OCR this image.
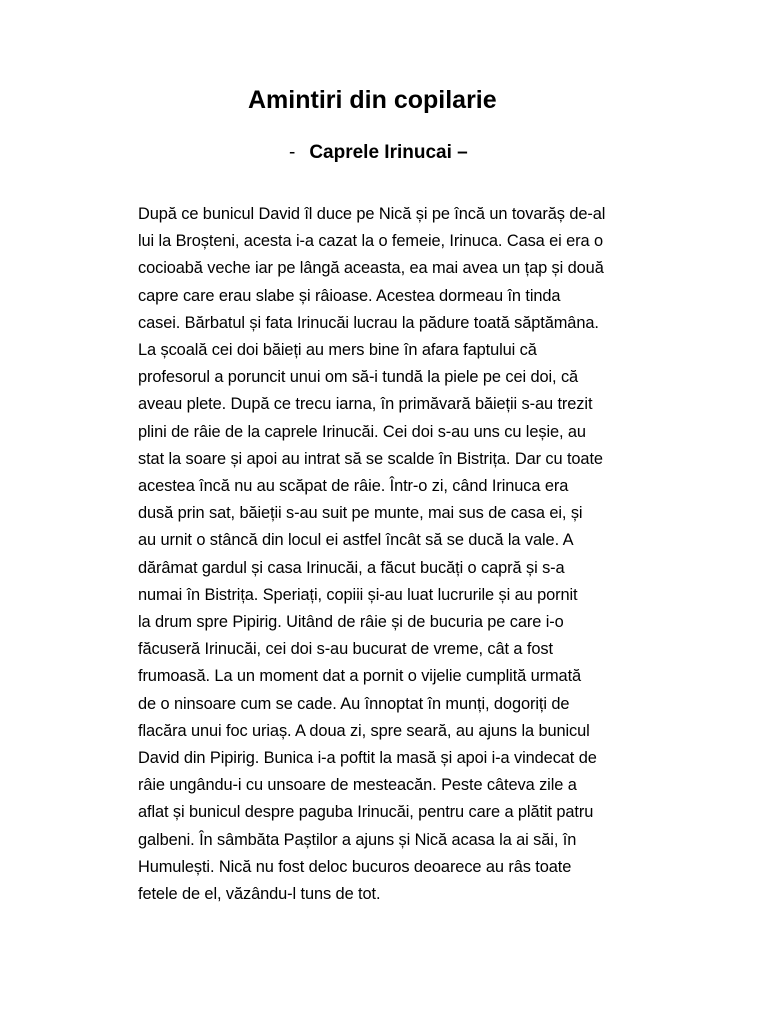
Amintiri din copilarie
- Caprele Irinucai –
După ce bunicul David îl duce pe Nică și pe încă un tovarăș de-al
lui la Broșteni, acesta i-a cazat la o femeie, Irinuca. Casa ei era o
cocioabă veche iar pe lângă aceasta, ea mai avea un țap și două
capre care erau slabe și râioase. Acestea dormeau în tinda
casei. Bărbatul și fata Irinucăi lucrau la pădure toată săptămâna.
La școală cei doi băieți au mers bine în afara faptului că
profesorul a poruncit unui om să-i tundă la piele pe cei doi, că
aveau plete. După ce trecu iarna, în primăvară băieții s-au trezit
plini de râie de la caprele Irinucăi. Cei doi s-au uns cu leșie, au
stat la soare și apoi au intrat să se scalde în Bistrița. Dar cu toate
acestea încă nu au scăpat de râie. Într-o zi, când Irinuca era
dusă prin sat, băieții s-au suit pe munte, mai sus de casa ei, și
au urnit o stâncă din locul ei astfel încât să se ducă la vale. A
dărâmat gardul și casa Irinucăi, a făcut bucăți o capră și s-a
numai în Bistrița. Speriați, copiii și-au luat lucrurile și au pornit
la drum spre Pipirig. Uitând de râie și de bucuria pe care i-o
făcuseră Irinucăi, cei doi s-au bucurat de vreme, cât a fost
frumoasă. La un moment dat a pornit o vijelie cumplită urmată
de o ninsoare cum se cade. Au înnoptat în munți, dogoriți de
flacăra unui foc uriaș. A doua zi, spre seară, au ajuns la bunicul
David din Pipirig. Bunica i-a poftit la masă și apoi i-a vindecat de
râie ungându-i cu unsoare de mesteacăn. Peste câteva zile a
aflat și bunicul despre paguba Irinucăi, pentru care a plătit patru
galbeni. În sâmbăta Paștilor a ajuns și Nică acasa la ai săi, în
Humulești. Nică nu fost deloc bucuros deoarece au râs toate
fetele de el, văzându-l tuns de tot.
